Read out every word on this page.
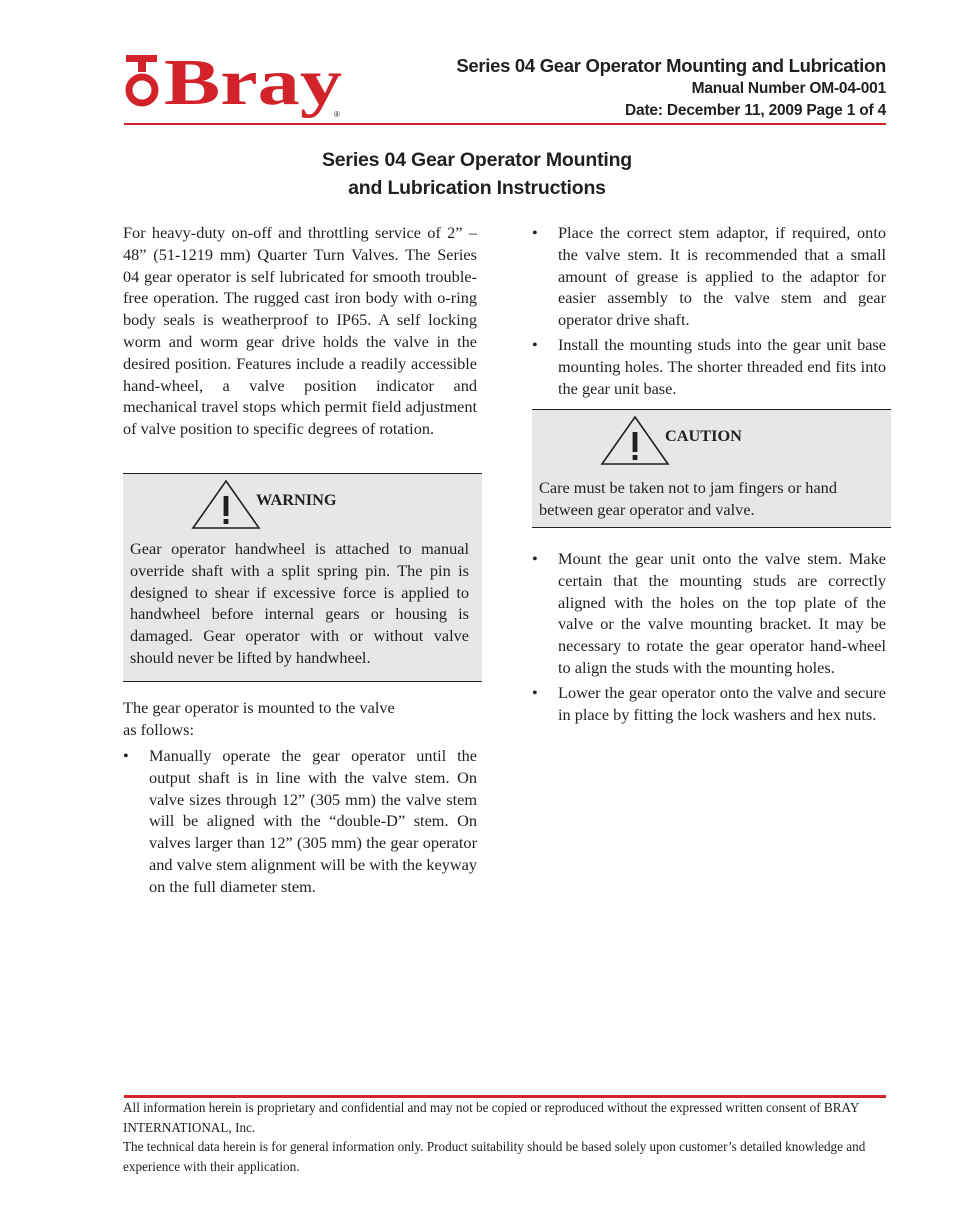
Bray
®
Series 04 Gear Operator Mounting and Lubrication
Manual Number OM-04-001
Date: December 11, 2009 Page 1 of 4
Series 04 Gear Operator Mounting
and Lubrication Instructions
For heavy-duty on-off and throttling service of 2” – 48” (51-1219 mm) Quarter Turn Valves. The Series 04 gear operator is self lubricated for smooth trouble-free operation. The rugged cast iron body with o-ring body seals is weatherproof to IP65. A self locking worm and worm gear drive holds the valve in the desired position. Features include a readily accessible hand-wheel, a valve position indicator and mechanical travel stops which permit field adjustment of valve position to specific degrees of rotation.
WARNING
Gear operator handwheel is attached to manual override shaft with a split spring pin. The pin is designed to shear if excessive force is applied to handwheel before internal gears or housing is damaged. Gear operator with or without valve should never be lifted by handwheel.
The gear operator is mounted to the valve
as follows:
• Manually operate the gear operator until the output shaft is in line with the valve stem. On valve sizes through 12” (305 mm) the valve stem will be aligned with the “double-D” stem. On valves larger than 12” (305 mm) the gear operator and valve stem alignment will be with the keyway on the full diameter stem.
• Place the correct stem adaptor, if required, onto the valve stem. It is recommended that a small amount of grease is applied to the adaptor for easier assembly to the valve stem and gear operator drive shaft.
• Install the mounting studs into the gear unit base mounting holes. The shorter threaded end fits into the gear unit base.
CAUTION
Care must be taken not to jam fingers or hand between gear operator and valve.
• Mount the gear unit onto the valve stem. Make certain that the mounting studs are correctly aligned with the holes on the top plate of the valve or the valve mounting bracket. It may be necessary to rotate the gear operator hand-wheel to align the studs with the mounting holes.
• Lower the gear operator onto the valve and secure in place by fitting the lock washers and hex nuts.
All information herein is proprietary and confidential and may not be copied or reproduced without the expressed written consent of BRAY INTERNATIONAL, Inc.
The technical data herein is for general information only. Product suitability should be based solely upon customer’s detailed knowledge and experience with their application.
